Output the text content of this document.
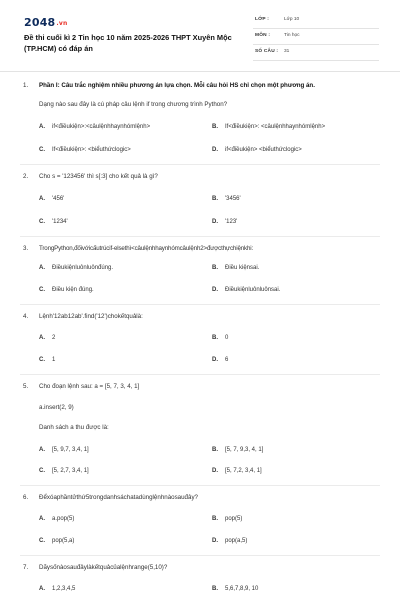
2048.vn
Đề thi cuối kì 2 Tin học 10 năm 2025-2026 THPT Xuyên Mộc (TP.HCM) có đáp án
LỚP :	Lớp 10
MÔN :	Tin học
SỐ CÂU : 31
1. Phần I: Câu trắc nghiệm nhiều phương án lựa chọn. Mỗi câu hỏi HS chỉ chọn một phương án.
Dạng nào sau đây là cú pháp câu lệnh if trong chương trình Python?
A. if<điềukiện>:<câulệnhhaynhómlệnh>	B. If<điềukiện>: <câulệnhhaynhómlệnh>
C. If<điềukiện>: <biểuthứclogic>	D. if<điềukiện> <biểuthứclogic>
2. Cho s = '123456' thì s[:3] cho kết quả là gì?
A. '456'	B. '3456'
C. '1234'	D. '123'
3. TrongPython,đốivớicấutrúcif-elsethì<câulệnhhaynhómcâulệnh2>đượcthựchiệnkhi:
A. Điềukiệnluônluônđúng.	B. Điều kiệnsai.
C. Điều kiện đúng.	D. Điềukiệnluônluônsai.
4. Lệnh'12ab12ab'.find('12')chokếtquảlà:
A. 2	B. 0
C. 1	D. 6
5. Cho đoạn lệnh sau: a = [5, 7, 3, 4, 1]
a.insert(2, 9)
Danh sách a thu được là:
A. [5, 9,7, 3,4, 1]	B. [5, 7, 9,3, 4, 1]
C. [5, 2,7, 3,4, 1]	D. [5, 7,2, 3,4, 1]
6. Đểxóaphầntửthứ5trongdanhsáchatadùnglệnhnàosauđây?
A. a.pop(5)	B. pop(5)
C. pop(5,a)	D. pop(a,5)
7. Dãysốnàosauđâylàkếtquảcủalệnhrange(5,10)?
A. 1,2,3,4,5	B. 5,6,7,8,9, 10
